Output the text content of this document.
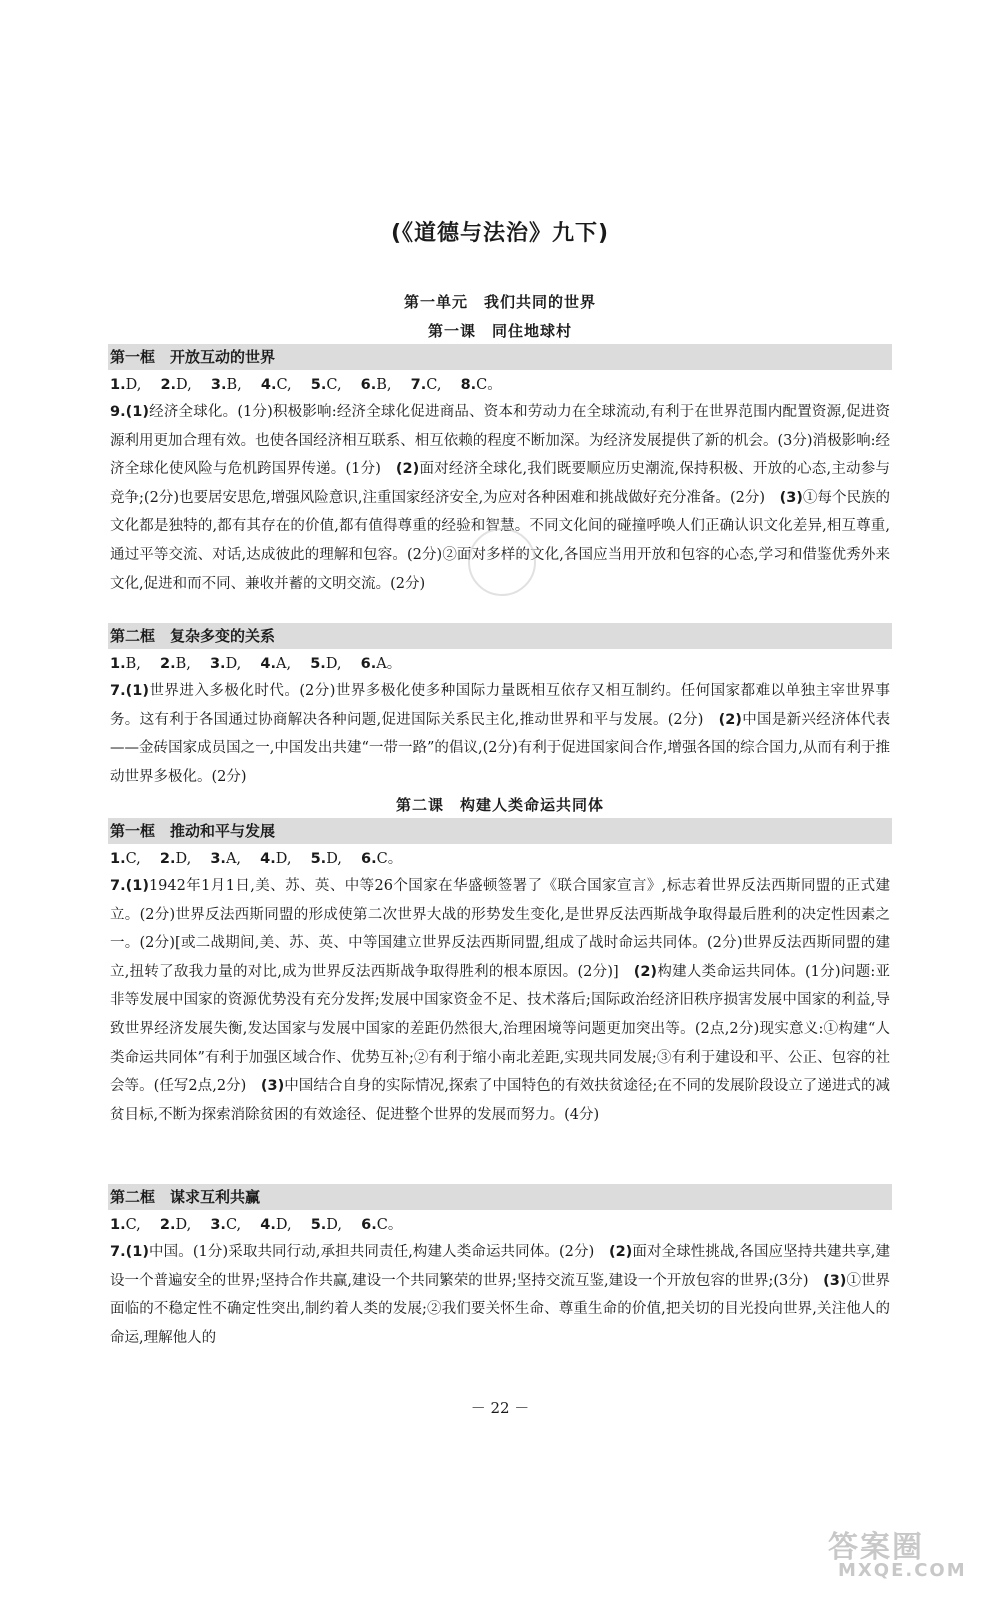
(《道德与法治》九下)
第一单元　我们共同的世界
第一课　同住地球村
第一框　开放互动的世界
1.D,　 2.D,　 3.B,　 4.C,　 5.C,　 6.B,　 7.C,　 8.C。
9.(1)经济全球化。(1分)积极影响:经济全球化促进商品、资本和劳动力在全球流动,有利于在世界范围内配置资源,促进资源利用更加合理有效。也使各国经济相互联系、相互依赖的程度不断加深。为经济发展提供了新的机会。(3分)消极影响:经济全球化使风险与危机跨国界传递。(1分)　(2)面对经济全球化,我们既要顺应历史潮流,保持积极、开放的心态,主动参与竞争;(2分)也要居安思危,增强风险意识,注重国家经济安全,为应对各种困难和挑战做好充分准备。(2分)　(3)①每个民族的文化都是独特的,都有其存在的价值,都有值得尊重的经验和智慧。不同文化间的碰撞呼唤人们正确认识文化差异,相互尊重,通过平等交流、对话,达成彼此的理解和包容。(2分)②面对多样的文化,各国应当用开放和包容的心态,学习和借鉴优秀外来文化,促进和而不同、兼收并蓄的文明交流。(2分)
第二框　复杂多变的关系
1.B,　 2.B,　 3.D,　 4.A,　 5.D,　 6.A。
7.(1)世界进入多极化时代。(2分)世界多极化使多种国际力量既相互依存又相互制约。任何国家都难以单独主宰世界事务。这有利于各国通过协商解决各种问题,促进国际关系民主化,推动世界和平与发展。(2分)　(2)中国是新兴经济体代表——金砖国家成员国之一,中国发出共建“一带一路”的倡议,(2分)有利于促进国家间合作,增强各国的综合国力,从而有利于推动世界多极化。(2分)
第二课　构建人类命运共同体
第一框　推动和平与发展
1.C,　 2.D,　 3.A,　 4.D,　 5.D,　 6.C。
7.(1)1942年1月1日,美、苏、英、中等26个国家在华盛顿签署了《联合国家宣言》,标志着世界反法西斯同盟的正式建立。(2分)世界反法西斯同盟的形成使第二次世界大战的形势发生变化,是世界反法西斯战争取得最后胜利的决定性因素之一。(2分)[或二战期间,美、苏、英、中等国建立世界反法西斯同盟,组成了战时命运共同体。(2分)世界反法西斯同盟的建立,扭转了敌我力量的对比,成为世界反法西斯战争取得胜利的根本原因。(2分)]　(2)构建人类命运共同体。(1分)问题:亚非等发展中国家的资源优势没有充分发挥;发展中国家资金不足、技术落后;国际政治经济旧秩序损害发展中国家的利益,导致世界经济发展失衡,发达国家与发展中国家的差距仍然很大,治理困境等问题更加突出等。(2点,2分)现实意义:①构建“人类命运共同体”有利于加强区域合作、优势互补;②有利于缩小南北差距,实现共同发展;③有利于建设和平、公正、包容的社会等。(任写2点,2分)　(3)中国结合自身的实际情况,探索了中国特色的有效扶贫途径;在不同的发展阶段设立了递进式的减贫目标,不断为探索消除贫困的有效途径、促进整个世界的发展而努力。(4分)
第二框　谋求互利共赢
1.C,　 2.D,　 3.C,　 4.D,　 5.D,　 6.C。
7.(1)中国。(1分)采取共同行动,承担共同责任,构建人类命运共同体。(2分)　(2)面对全球性挑战,各国应坚持共建共享,建设一个普遍安全的世界;坚持合作共赢,建设一个共同繁荣的世界;坚持交流互鉴,建设一个开放包容的世界;(3分)　(3)①世界面临的不稳定性不确定性突出,制约着人类的发展;②我们要关怀生命、尊重生命的价值,把关切的目光投向世界,关注他人的命运,理解他人的
－ 22 －
答案圈
MXQE.COM
